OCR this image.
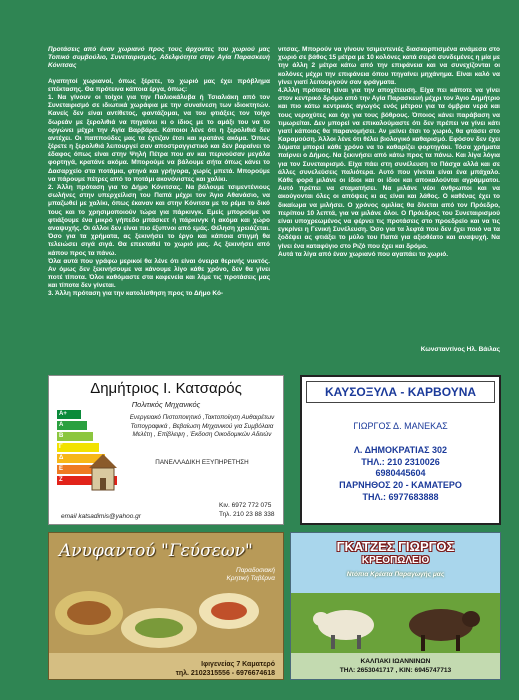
Προτάσεις από έναν χωριανό προς τους άρχοντες του χωριού μας Τοπικό συμβούλιο, Συνεταιρισμός, Αδελφότητα στην Αγία Παρασκευή Κόνιτσας

Αγαπητοί χωριανοί, όπως ξέρετε, το χωριό μας έχει πρόβλημα επέκτασης. Θα πρότεινα κάποια έργα, όπως:

1. Να γίνουν οι τοίχοι για την Παλιοκάλυβα ή Τσιαλιάκη από τον Συνεταιρισμό σε ιδιωτικά χωράφια με την συναίνεση των ιδιοκτητών. Κανείς δεν είναι αντίθετος, φαντάζομαι, να του φτιάξεις τον τοίχο δωρεάν με ξερολιθιά να πηγαίνει κι ο ίδιος με το αμάξι του να το οργώνει μέχρι την Αγία Βαρβάρα. Κάποιοι λένε ότι η ξερολιθιά δεν αντέχει. Οι παππούδες μας τα έχτιζαν έτσι και κρατάνε ακόμα. Όπως ξέρετε η ξερολιθιά λειτουργεί σαν αποστραγγιστικό και δεν βαραίνει το έδαφος όπως είναι στην Ψηλή Πέτρα που αν και περνούσαν μεγάλα φορτηγά, κρατάνε ακόμα. Μπορούμε να βάλουμε σήτα όπως κάνει το Δασαρχείο στα ποτάμια, φτηνά και γρήγορα, χωρίς μπετά. Μπορούμε να πάρουμε πέτρες από το ποτάμι ακονόνιστες και χαλίκι.

2. Άλλη πρόταση για το Δήμο Κόνιτσας. Να βάλουμε τσιμεντένιους σωλήνες στην υπερχείλιση του Παπά μέχρι τον Άγιο Αθανάσιο, να μπαζωθεί με χαλίκι, όπως έκαναν και στην Κόνιτσα με το ρέμα το δικό τους και το χρησιμοποιούν τώρα για πάρκινγκ. Εμείς μπορούμε να φτιάξουμε ένα μικρό γήπεδο μπάσκετ ή πάρκινγκ ή ακόμα και χώρο αναψυχής. Οι άλλοι δεν είναι πιο έξυπνοι από εμάς. Θέληση χρειάζεται. Όσο για τα χρήματα, ας ξεκινήσει το έργο και κάποια στιγμή θα τελειώσει σιγά σιγά. Θα επεκταθεί το χωριό μας. Ας ξεκινήσει από κάπου προς τα πάνω.

Όλα αυτά που γράφω μερικοί θα λένε ότι είναι όνειρα θερινής νυκτός. Αν όμως δεν ξεκινήσουμε να κάνουμε λίγο κάθε χρόνο, δεν θα γίνει ποτέ τίποτα. Όλοι καθόμαστε στα καφενεία και λέμε τις προτάσεις μας και τίποτα δεν γίνεται.

3. Άλλη πρόταση για την κατολίσθηση προς το Δήμο Κό-

νιτσας. Μπορούν να γίνουν τσιμεντενιές διασκορπισμένα ανάμεσα στο χωριό σε βάθος 15 μέτρα με 10 κολόνες κατά σειρά συνδεμένες η μία με την άλλη 2 μέτρα κάτω από την επιφάνεια και να συνεχίζονται οι κολόνες μέχρι την επιφάνεια όπου πηγαίνει μηχάνημα. Είναι καλό να γίνει γιατί λειτουργούν σαν φράγματα.

4.Άλλη πρόταση είναι για την αποχέτευση. Είχα πει κάποτε να γίνει στον κεντρικό δρόμο από την Αγία Παρασκευή μέχρι τον Άγιο Δημήτριο και πιο κάτω κεντρικός αγωγός ενός μέτρου για τα όμβρια νερά και τους νεροχύτες και όχι για τους βόθρους. Όποιος κάνει παράβαση να τιμωρείται. Δεν μπορεί να επικαλούμαστε ότι δεν πρέπει να γίνει κάτι γιατί κάποιος θα παρανομήσει. Αν μείνει έτσι το χωριό, θα φτάσει στο Καραμούση. Άλλοι λένε ότι θέλει βιολογικό καθαρισμό. Εφόσον δεν έχει λύματα μπορεί κάθε χρόνο να το καθαρίζει φορτηγάκι. Τόσα χρήματα παίρνει ο Δήμος. Να ξεκινήσει από κάτω προς τα πάνω. Και λίγα λόγια για τον Συνεταιρισμό. Είχα πάει στη συνέλευση το Πάσχα αλλά και σε άλλες συνελεύσεις παλιότερα. Αυτό που γίνεται είναι ένα μπάχαλο. Κάθε φορά μιλάνε οι ίδιοι και οι ίδιοι και αποκαλούνται αγράμματοι. Αυτό πρέπει να σταματήσει. Να μιλάνε νέοι άνθρωποι και να ακούγονται όλες οι απόψεις κι ας είναι και λάθος. Ο καθένας έχει το δικαίωμα να μιλήσει. Ο χρόνος ομιλίας θα δίνεται από τον Πρόεδρο, περίπου 10 λεπτά, για να μιλάνε όλοι. Ο Πρόεδρος του Συνεταιρισμού είναι υποχρεωμένος να φέρνει τις προτάσεις στο προεδρείο και να τις εγκρίνει η Γενική Συνέλευση. Όσο για τα λεφτά που δεν έχει ποιό να τα ξοδέψει ας φτιάξει το μύλο του Παπά για αξιοθέατο και αναψυχή. Να γίνει ένα καταφύγιο στο Ριζό που έχει και δρόμο.

Αυτά τα λίγα από έναν χωριανό που αγαπάει το χωριό.

Κωνσταντίνος Ηλ. Βάιλας
Δημήτριος Ι. Κατσαρός
Πολιτικός Μηχανικός
A+
A
B
Γ
Δ
Ε
Ζ
Ενεργειακό Πιστοποιητικό ,Τακτοποίηση Αυθαιρέτων
Τοπογραφικά , Βεβαίωση Μηχανικού για Συμβόλαια
Μελέτη , Επίβλεψη , Έκδοση Οικοδομικών Αδειών
ΠΑΝΕΛΛΑΔΙΚΗ ΕΞΥΠΗΡΕΤΗΣΗ
email katsadimis@yahoo.gr
Κιν. 6972 772 075
Τηλ. 210 23 88 338
ΚΑΥΣΟΞΥΛΑ - ΚΑΡΒΟΥΝΑ
ΓΙΩΡΓΟΣ Δ. ΜΑΝΕΚΑΣ
Λ. ΔΗΜΟΚΡΑΤΙΑΣ 302
ΤΗΛ.: 210 2310026
6980445604
ΠΑΡΝΗΘΟΣ 20 - ΚΑΜΑΤΕΡΟ
ΤΗΛ.: 6977683888
Ανυφαντού "Γεύσεων"
Παραδοσιακή
Κρητική Ταβέρνα
Ιφιγενείας 7 Καματερό
τηλ. 2102315556 - 6976674618
ΓΚΑΤΖΕΣ ΓΙΩΡΓΟΣ
ΚΡΕΟΠΩΛΕΙΟ
Ντόπια Κρέατα Παραγωγής μας
ΚΑΛΠΑΚΙ ΙΩΑΝΝΙΝΩΝ
ΤΗΛ: 2653041717 , ΚΙΝ: 6945747713
